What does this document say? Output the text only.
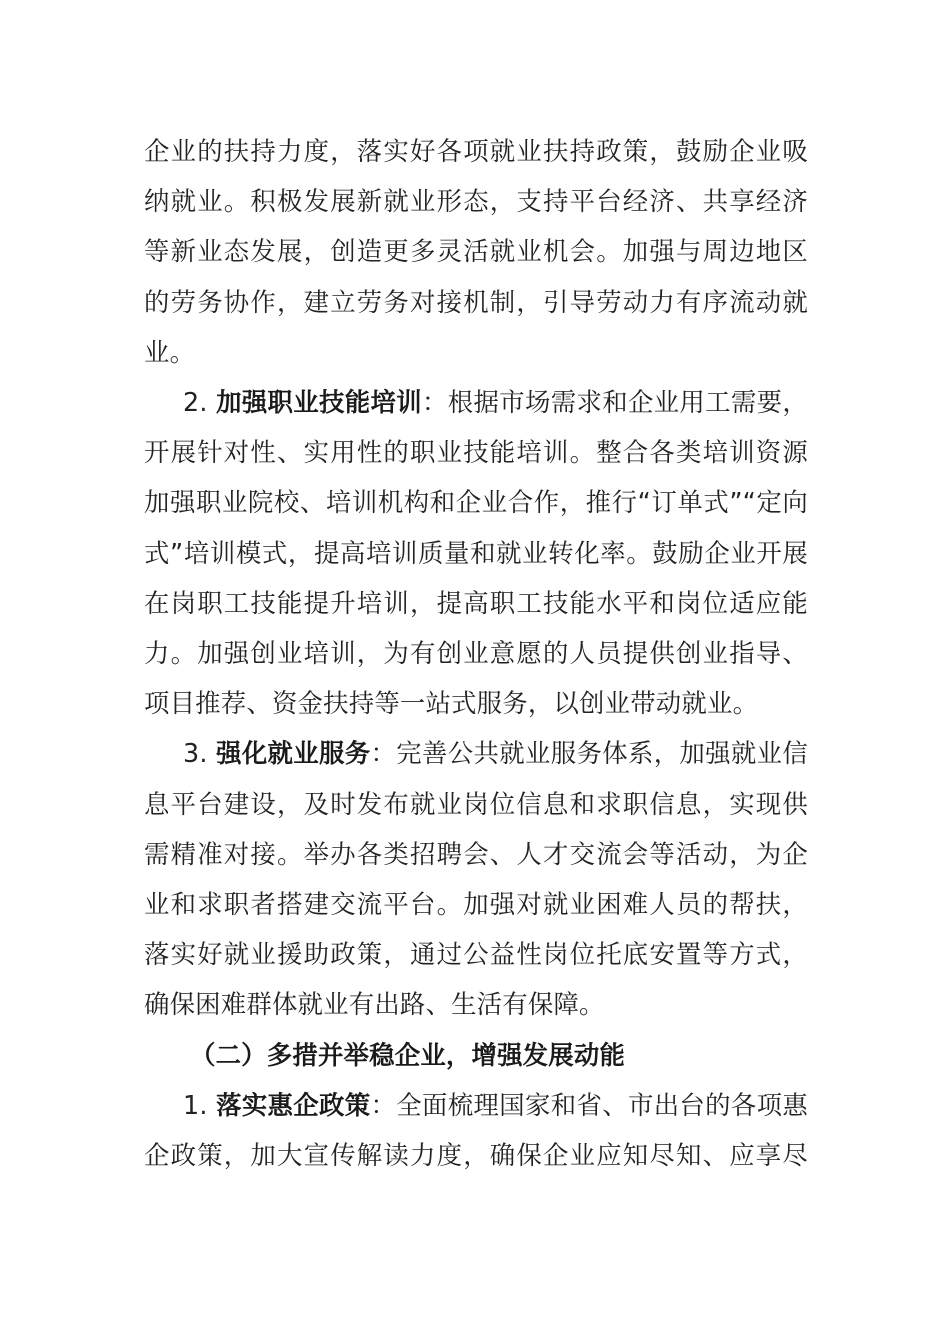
企业的扶持力度，落实好各项就业扶持政策，鼓励企业吸
纳就业。积极发展新就业形态，支持平台经济、共享经济
等新业态发展，创造更多灵活就业机会。加强与周边地区
的劳务协作，建立劳务对接机制，引导劳动力有序流动就
业。
2. 加强职业技能培训：根据市场需求和企业用工需要，
开展针对性、实用性的职业技能培训。整合各类培训资源
加强职业院校、培训机构和企业合作，推行“订单式”“定向
式”培训模式，提高培训质量和就业转化率。鼓励企业开展
在岗职工技能提升培训，提高职工技能水平和岗位适应能
力。加强创业培训，为有创业意愿的人员提供创业指导、
项目推荐、资金扶持等一站式服务，以创业带动就业。
3. 强化就业服务：完善公共就业服务体系，加强就业信
息平台建设，及时发布就业岗位信息和求职信息，实现供
需精准对接。举办各类招聘会、人才交流会等活动，为企
业和求职者搭建交流平台。加强对就业困难人员的帮扶，
落实好就业援助政策，通过公益性岗位托底安置等方式，
确保困难群体就业有出路、生活有保障。
（二）多措并举稳企业，增强发展动能
1. 落实惠企政策：全面梳理国家和省、市出台的各项惠
企政策，加大宣传解读力度，确保企业应知尽知、应享尽
